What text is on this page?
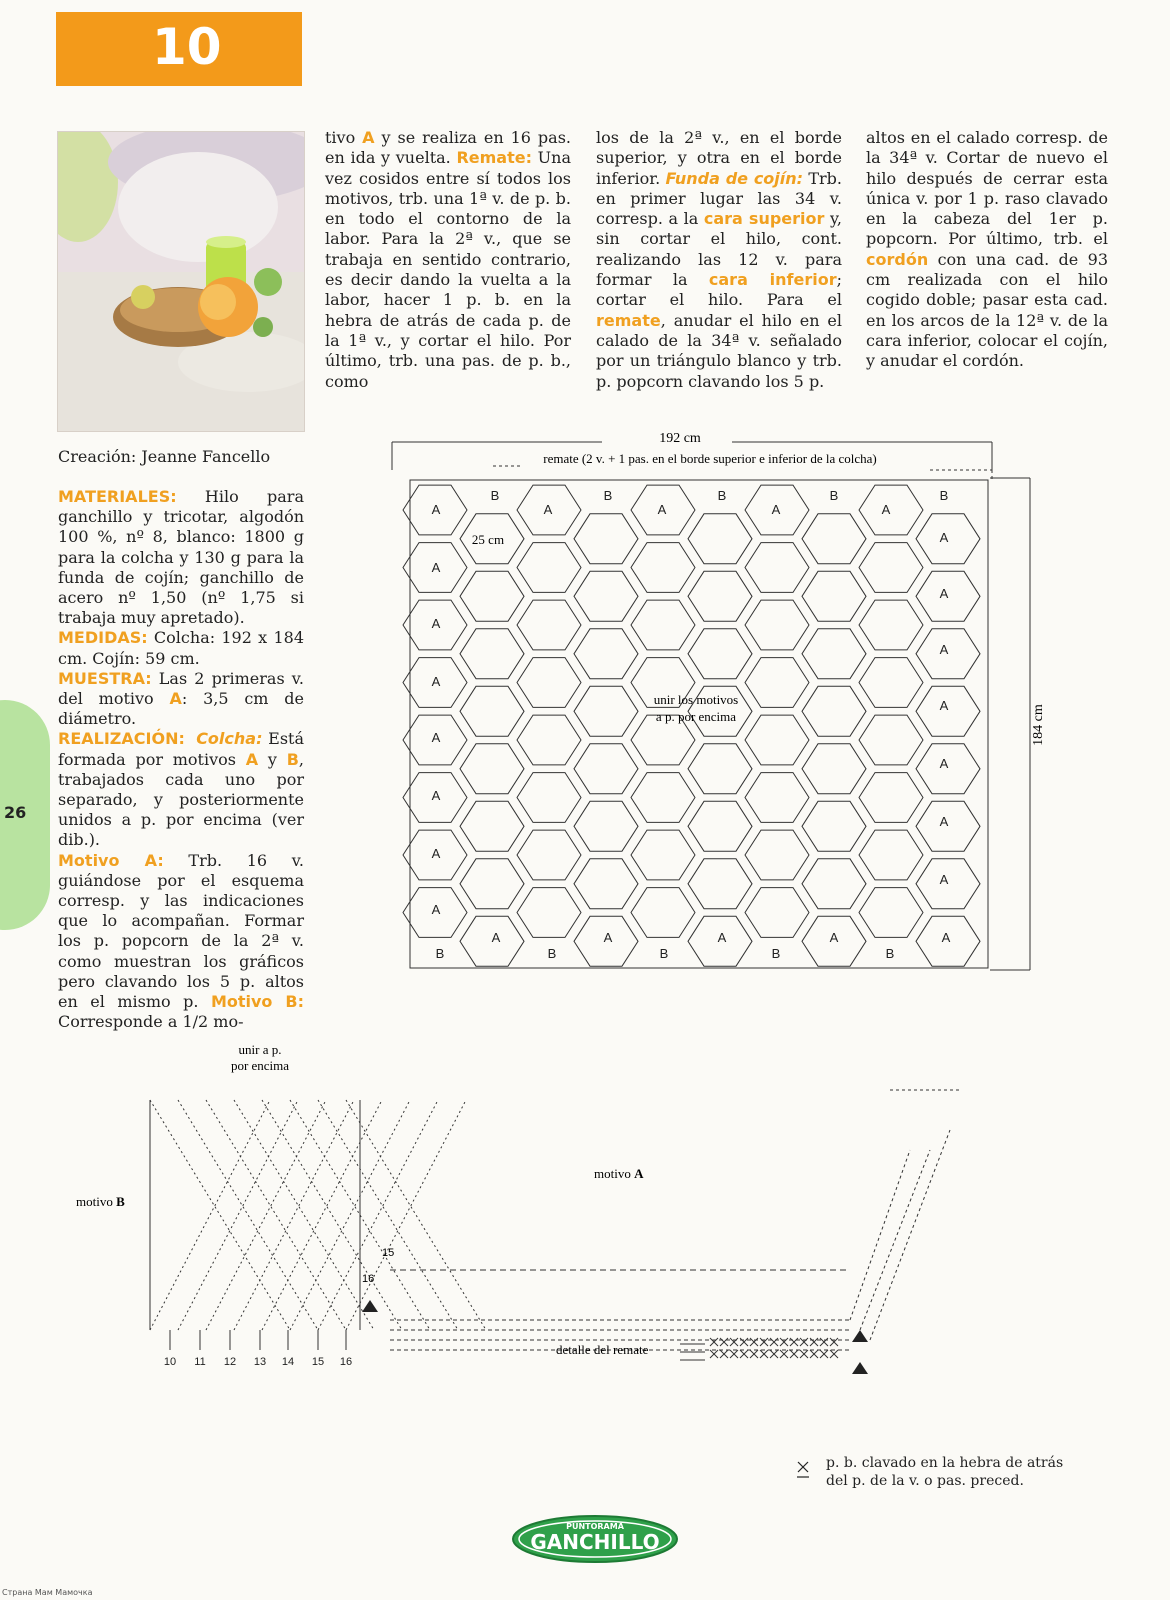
10
tivo A y se realiza en 16 pas. en ida y vuelta. Remate: Una vez cosidos entre sí todos los motivos, trb. una 1ª v. de p. b. en todo el contorno de la labor. Para la 2ª v., que se trabaja en sentido contrario, es decir dando la vuelta a la labor, hacer 1 p. b. en la hebra de atrás de cada p. de la 1ª v., y cortar el hilo. Por último, trb. una pas. de p. b., como
los de la 2ª v., en el borde superior, y otra en el borde inferior. Funda de cojín: Trb. en primer lugar las 34 v. corresp. a la cara superior y, sin cortar el hilo, cont. realizando las 12 v. para formar la cara inferior; cortar el hilo. Para el remate, anudar el hilo en el calado de la 34ª v. señalado por un triángulo blanco y trb. p. popcorn clavando los 5 p.
altos en el calado corresp. de la 34ª v. Cortar de nuevo el hilo después de cerrar esta única v. por 1 p. raso clavado en la cabeza del 1er p. popcorn. Por último, trb. el cordón con una cad. de 93 cm realizada con el hilo cogido doble; pasar esta cad. en los arcos de la 12ª v. de la cara inferior, colocar el cojín, y anudar el cordón.
Creación: Jeanne Fancello
MATERIALES: Hilo para ganchillo y tricotar, algodón 100 %, nº 8, blanco: 1800 g para la colcha y 130 g para la funda de cojín; ganchillo de acero nº 1,50 (nº 1,75 si trabaja muy apretado).
MEDIDAS: Colcha: 192 x 184 cm. Cojín: 59 cm.
MUESTRA: Las 2 primeras v. del motivo A: 3,5 cm de diámetro.
REALIZACIÓN: Colcha: Está formada por motivos A y B, trabajados cada uno por separado, y posteriormente unidos a p. por encima (ver dib.).
Motivo A: Trb. 16 v. guiándose por el esquema corresp. y las indicaciones que lo acompañan. Formar los p. popcorn de la 2ª v. como muestran los gráficos pero clavando los 5 p. altos en el mismo p. Motivo B: Corresponde a 1/2 mo-
26
A
B
A
B
A
B
A
B
A
B
A
A
A
A
A
A
A
A
A
A
A
A
A
A
B
A
B
A
B
A
B
A
B
A
192 cm
remate (2 v. + 1 pas. en el borde superior e inferior de la colcha)
25 cm
unir los motivos
a p. por encima	184 cm
unir a p.
por encima
motivo B
motivo A
15
16
10 11 12 13 14 15 16
detalle del remate
p. b. clavado en la hebra de atrás
del p. de la v. o pas. preced.
PUNTORAMA
GANCHILLO
Страна Мам Мамочка
